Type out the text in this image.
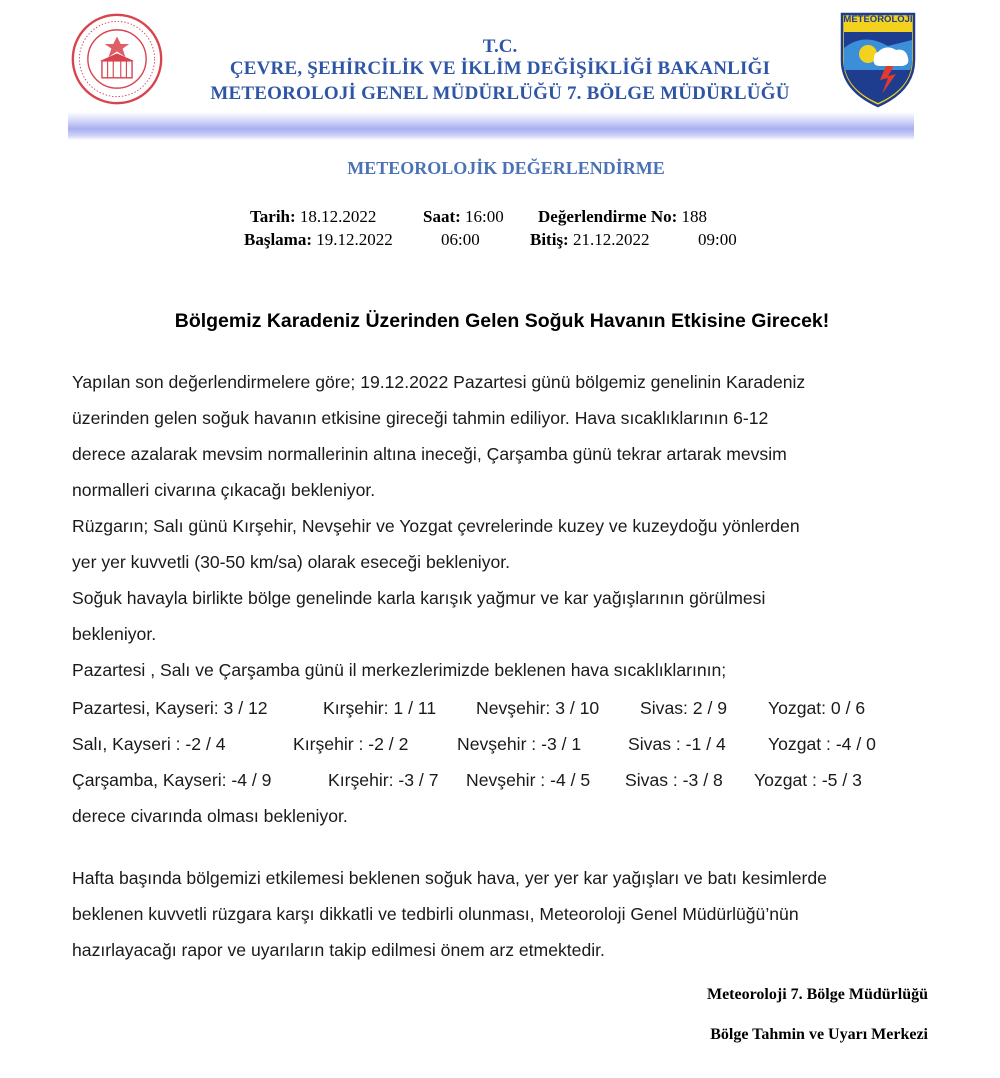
METEOROLOJİ
T.C.
ÇEVRE, ŞEHİRCİLİK VE İKLİM DEĞİŞİKLİĞİ BAKANLIĞI
METEOROLOJİ GENEL MÜDÜRLÜĞÜ 7. BÖLGE MÜDÜRLÜĞÜ
METEOROLOJİK DEĞERLENDİRME
Tarih: 18.12.2022	Saat: 16:00 Değerlendirme No: 188
Başlama: 19.12.2022	06:00	Bitiş: 21.12.2022	09:00
Bölgemiz Karadeniz Üzerinden Gelen Soğuk Havanın Etkisine Girecek!
Yapılan son değerlendirmelere göre; 19.12.2022 Pazartesi günü bölgemiz genelinin Karadeniz
üzerinden gelen soğuk havanın etkisine gireceği tahmin ediliyor. Hava sıcaklıklarının 6-12
derece azalarak mevsim normallerinin altına ineceği, Çarşamba günü tekrar artarak mevsim
normalleri civarına çıkacağı bekleniyor.
Rüzgarın; Salı günü Kırşehir, Nevşehir ve Yozgat çevrelerinde kuzey ve kuzeydoğu yönlerden
yer yer kuvvetli (30-50 km/sa) olarak eseceği bekleniyor.
Soğuk havayla birlikte bölge genelinde karla karışık yağmur ve kar yağışlarının görülmesi
bekleniyor.
Pazartesi , Salı ve Çarşamba günü il merkezlerimizde beklenen hava sıcaklıklarının;
Pazartesi, Kayseri: 3 / 12	Kırşehir: 1 / 11 Nevşehir: 3 / 10 Sivas: 2 / 9 Yozgat: 0 / 6
Salı, Kayseri : -2 / 4	Kırşehir : -2 / 2	Nevşehir : -3 / 1	Sivas : -1 / 4 Yozgat : -4 / 0
Çarşamba, Kayseri: -4 / 9	Kırşehir: -3 / 7 Nevşehir : -4 / 5 Sivas : -3 / 8 Yozgat : -5 / 3
derece civarında olması bekleniyor.
Hafta başında bölgemizi etkilemesi beklenen soğuk hava, yer yer kar yağışları ve batı kesimlerde
beklenen kuvvetli rüzgara karşı dikkatli ve tedbirli olunması, Meteoroloji Genel Müdürlüğü’nün
hazırlayacağı rapor ve uyarıların takip edilmesi önem arz etmektedir.
Meteoroloji 7. Bölge Müdürlüğü
Bölge Tahmin ve Uyarı Merkezi
